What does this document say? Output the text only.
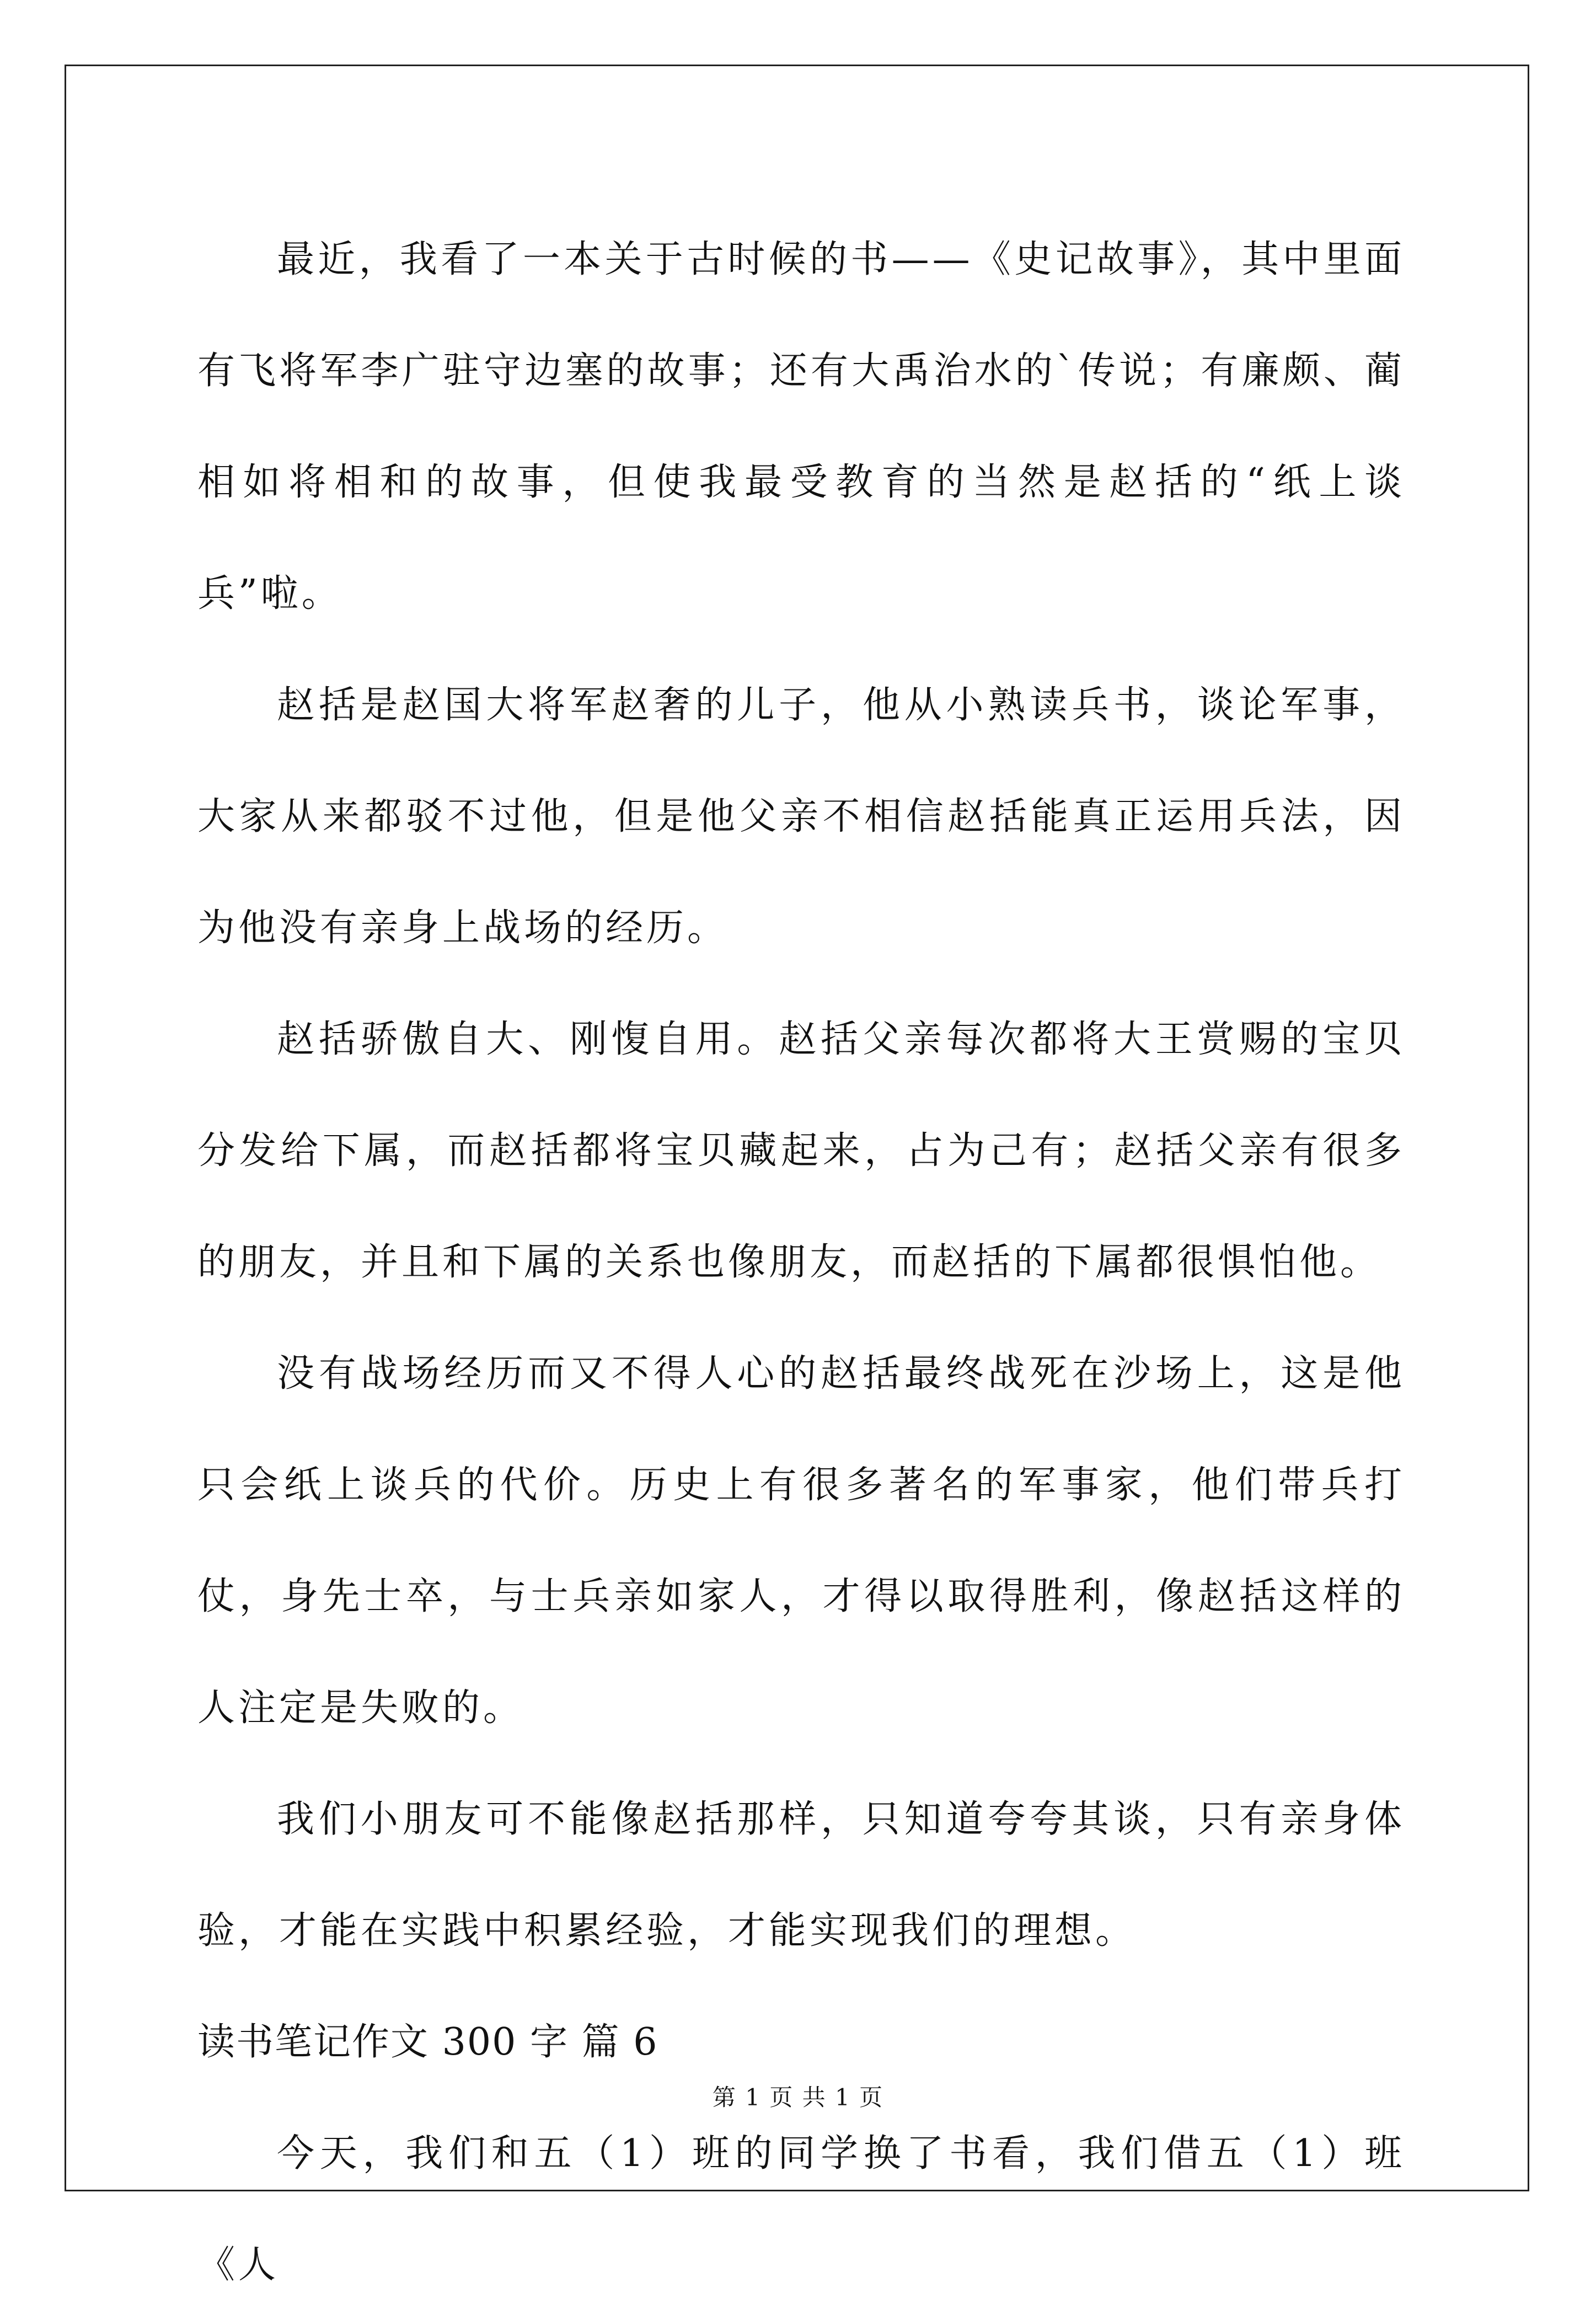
最近，我看了一本关于古时候的书——《史记故事》，其中里面有飞将军李广驻守边塞的故事；还有大禹治水的`传说；有廉颇、蔺相如将相和的故事，但使我最受教育的当然是赵括的“纸上谈兵”啦。

赵括是赵国大将军赵奢的儿子，他从小熟读兵书，谈论军事，大家从来都驳不过他，但是他父亲不相信赵括能真正运用兵法，因为他没有亲身上战场的经历。

赵括骄傲自大、刚愎自用。赵括父亲每次都将大王赏赐的宝贝分发给下属，而赵括都将宝贝藏起来，占为己有；赵括父亲有很多的朋友，并且和下属的关系也像朋友，而赵括的下属都很惧怕他。

没有战场经历而又不得人心的赵括最终战死在沙场上，这是他只会纸上谈兵的代价。历史上有很多著名的军事家，他们带兵打仗，身先士卒，与士兵亲如家人，才得以取得胜利，像赵括这样的人注定是失败的。

我们小朋友可不能像赵括那样，只知道夸夸其谈，只有亲身体验，才能在实践中积累经验，才能实现我们的理想。

读书笔记作文 300 字 篇 6

今天，我们和五（1）班的同学换了书看，我们借五（1）班《人

第 1 页 共 1 页
